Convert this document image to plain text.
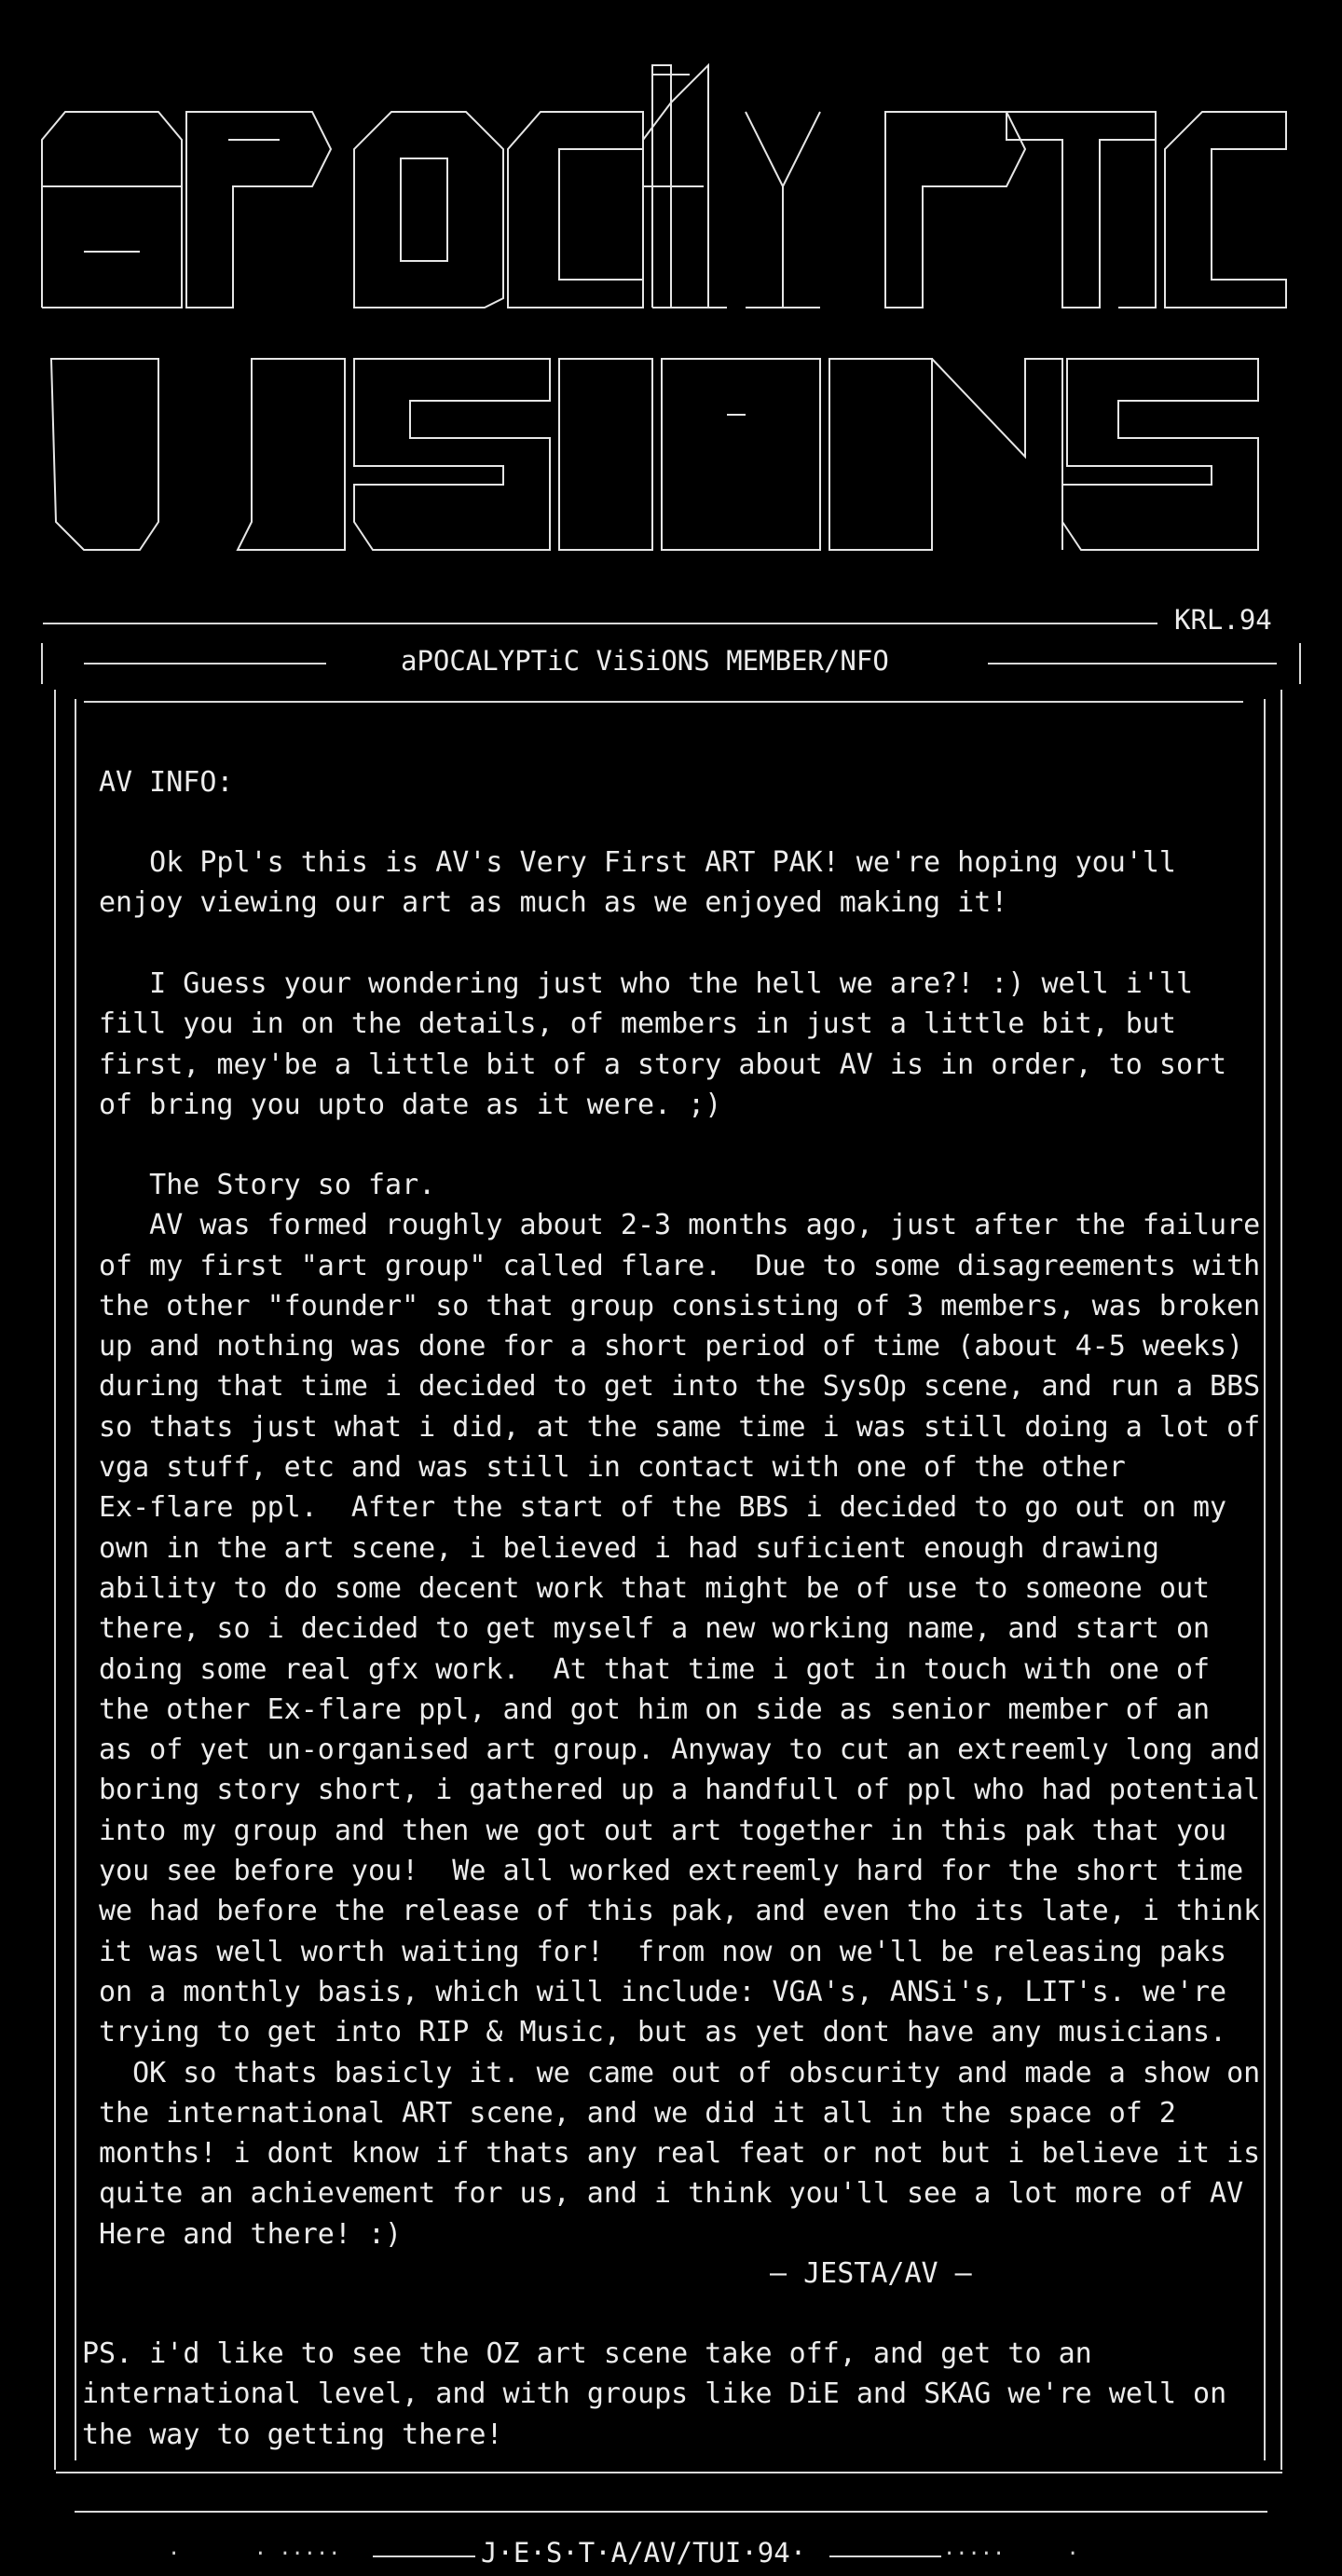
KRL.94
aPOCALYPTiC ViSiONS MEMBER/NFO
AV INFO:
Ok Ppl's this is AV's Very First ART PAK! we're hoping you'll
enjoy viewing our art as much as we enjoyed making it!
I Guess your wondering just who the hell we are?! :) well i'll
fill you in on the details, of members in just a little bit, but
first, mey'be a little bit of a story about AV is in order, to sort
of bring you upto date as it were. ;)
The Story so far.
AV was formed roughly about 2-3 months ago, just after the failure
of my first "art group" called flare.  Due to some disagreements with
the other "founder" so that group consisting of 3 members, was broken
up and nothing was done for a short period of time (about 4-5 weeks)
during that time i decided to get into the SysOp scene, and run a BBS
so thats just what i did, at the same time i was still doing a lot of
vga stuff, etc and was still in contact with one of the other
Ex-flare ppl.  After the start of the BBS i decided to go out on my
own in the art scene, i believed i had suficient enough drawing
ability to do some decent work that might be of use to someone out
there, so i decided to get myself a new working name, and start on
doing some real gfx work.  At that time i got in touch with one of
the other Ex-flare ppl, and got him on side as senior member of an
as of yet un-organised art group. Anyway to cut an extreemly long and
boring story short, i gathered up a handfull of ppl who had potential
into my group and then we got out art together in this pak that you
you see before you!  We all worked extreemly hard for the short time
we had before the release of this pak, and even tho its late, i think
it was well worth waiting for!  from now on we'll be releasing paks
on a monthly basis, which will include: VGA's, ANSi's, LIT's. we're
trying to get into RIP & Music, but as yet dont have any musicians.
OK so thats basicly it. we came out of obscurity and made a show on
the international ART scene, and we did it all in the space of 2
months! i dont know if thats any real feat or not but i believe it is
quite an achievement for us, and i think you'll see a lot more of AV
Here and there! :)
— JESTA/AV —
PS. i'd like to see the OZ art scene take off, and get to an
international level, and with groups like DiE and SKAG we're well on
the way to getting there!
·      · ·····	J·E·S·T·A/AV/TUI·94·	·····     ·
